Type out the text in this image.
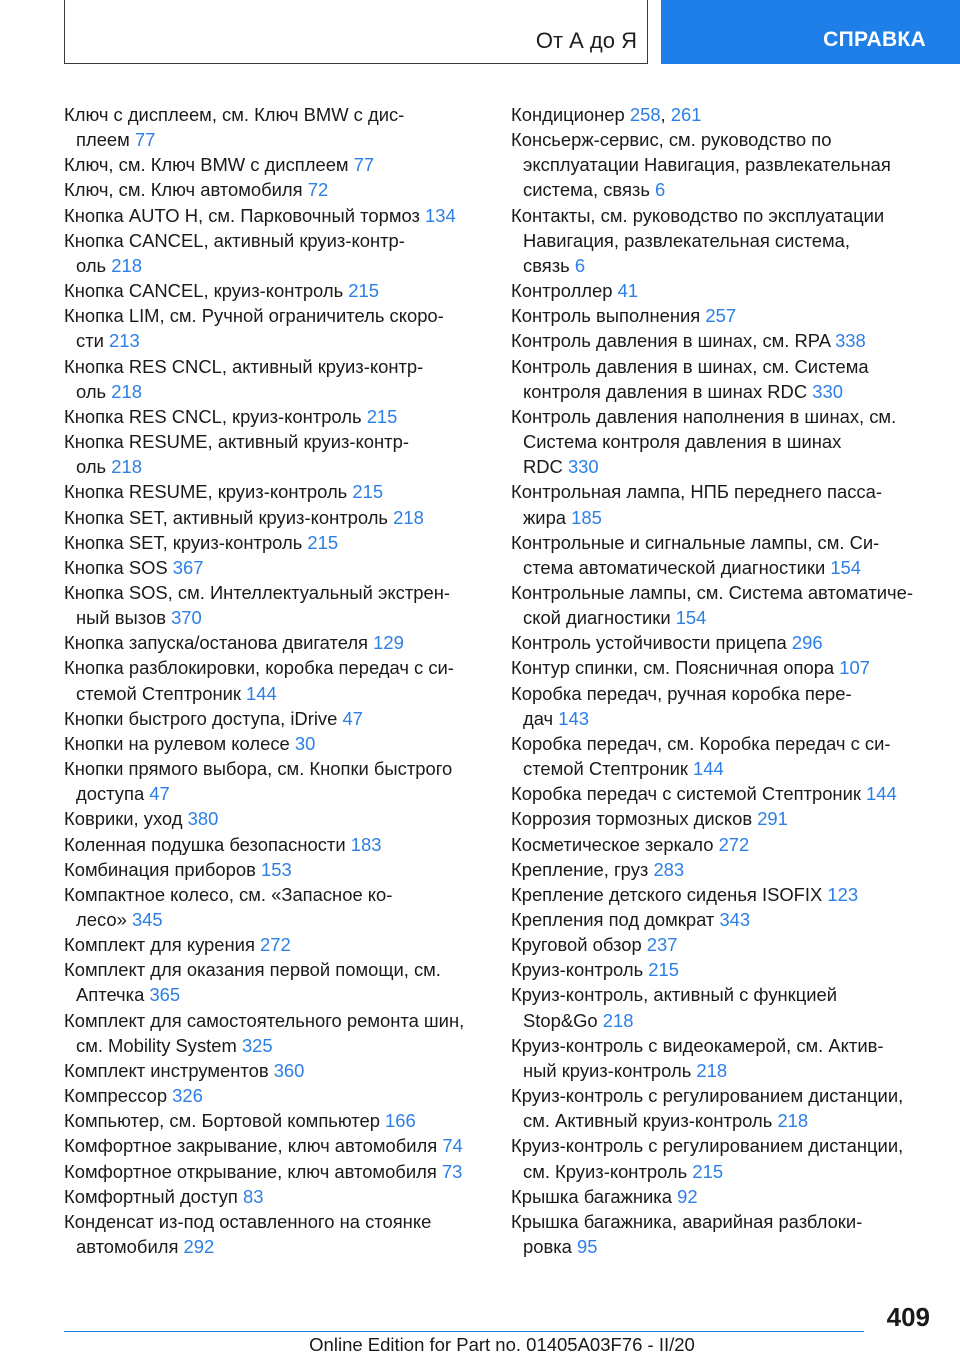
От А до Я	СПРАВКА

Ключ с дисплеем, см. Ключ BMW с дис-
плеем 77

Ключ, см. Ключ BMW с дисплеем 77

Ключ, см. Ключ автомобиля 72

Кнопка AUTO H, см. Парковочный тормоз 134

Кнопка CANCEL, активный круиз-контр-
оль 218

Кнопка CANCEL, круиз-контроль 215

Кнопка LIM, см. Ручной ограничитель скоро-
сти 213

Кнопка RES CNCL, активный круиз-контр-
оль 218

Кнопка RES CNCL, круиз-контроль 215

Кнопка RESUME, активный круиз-контр-
оль 218

Кнопка RESUME, круиз-контроль 215

Кнопка SET, активный круиз-контроль 218

Кнопка SET, круиз-контроль 215

Кнопка SOS 367

Кнопка SOS, см. Интеллектуальный экстрен-
ный вызов 370

Кнопка запуска/останова двигателя 129

Кнопка разблокировки, коробка передач с си-
стемой Стептроник 144

Кнопки быстрого доступа, iDrive 47

Кнопки на рулевом колесе 30

Кнопки прямого выбора, см. Кнопки быстрого
доступа 47

Коврики, уход 380

Коленная подушка безопасности 183

Комбинация приборов 153

Компактное колесо, см. «Запасное ко-
лесо» 345

Комплект для курения 272

Комплект для оказания первой помощи, см.
Аптечка 365

Комплект для самостоятельного ремонта шин,
см. Mobility System 325

Комплект инструментов 360

Компрессор 326

Компьютер, см. Бортовой компьютер 166

Комфортное закрывание, ключ автомобиля 74

Комфортное открывание, ключ автомобиля 73

Комфортный доступ 83

Конденсат из-под оставленного на стоянке
автомобиля 292

Кондиционер 258, 261

Консьерж-сервис, см. руководство по
эксплуатации Навигация, развлекательная
система, связь 6

Контакты, см. руководство по эксплуатации
Навигация, развлекательная система,
связь 6

Контроллер 41

Контроль выполнения 257

Контроль давления в шинах, см. RPA 338

Контроль давления в шинах, см. Система
контроля давления в шинах RDC 330

Контроль давления наполнения в шинах, см.
Система контроля давления в шинах
RDC 330

Контрольная лампа, НПБ переднего пасса-
жира 185

Контрольные и сигнальные лампы, см. Си-
стема автоматической диагностики 154

Контрольные лампы, см. Система автоматиче-
ской диагностики 154

Контроль устойчивости прицепа 296

Контур спинки, см. Поясничная опора 107

Коробка передач, ручная коробка пере-
дач 143

Коробка передач, см. Коробка передач с си-
стемой Стептроник 144

Коробка передач с системой Стептроник 144

Коррозия тормозных дисков 291

Косметическое зеркало 272

Крепление, груз 283

Крепление детского сиденья ISOFIX 123

Крепления под домкрат 343

Круговой обзор 237

Круиз-контроль 215

Круиз-контроль, активный с функцией
Stop&Go 218

Круиз-контроль с видеокамерой, см. Актив-
ный круиз-контроль 218

Круиз-контроль с регулированием дистанции,
см. Активный круиз-контроль 218

Круиз-контроль с регулированием дистанции,
см. Круиз-контроль 215

Крышка багажника 92

Крышка багажника, аварийная разблоки-
ровка 95

409
Online Edition for Part no. 01405A03F76 - II/20
